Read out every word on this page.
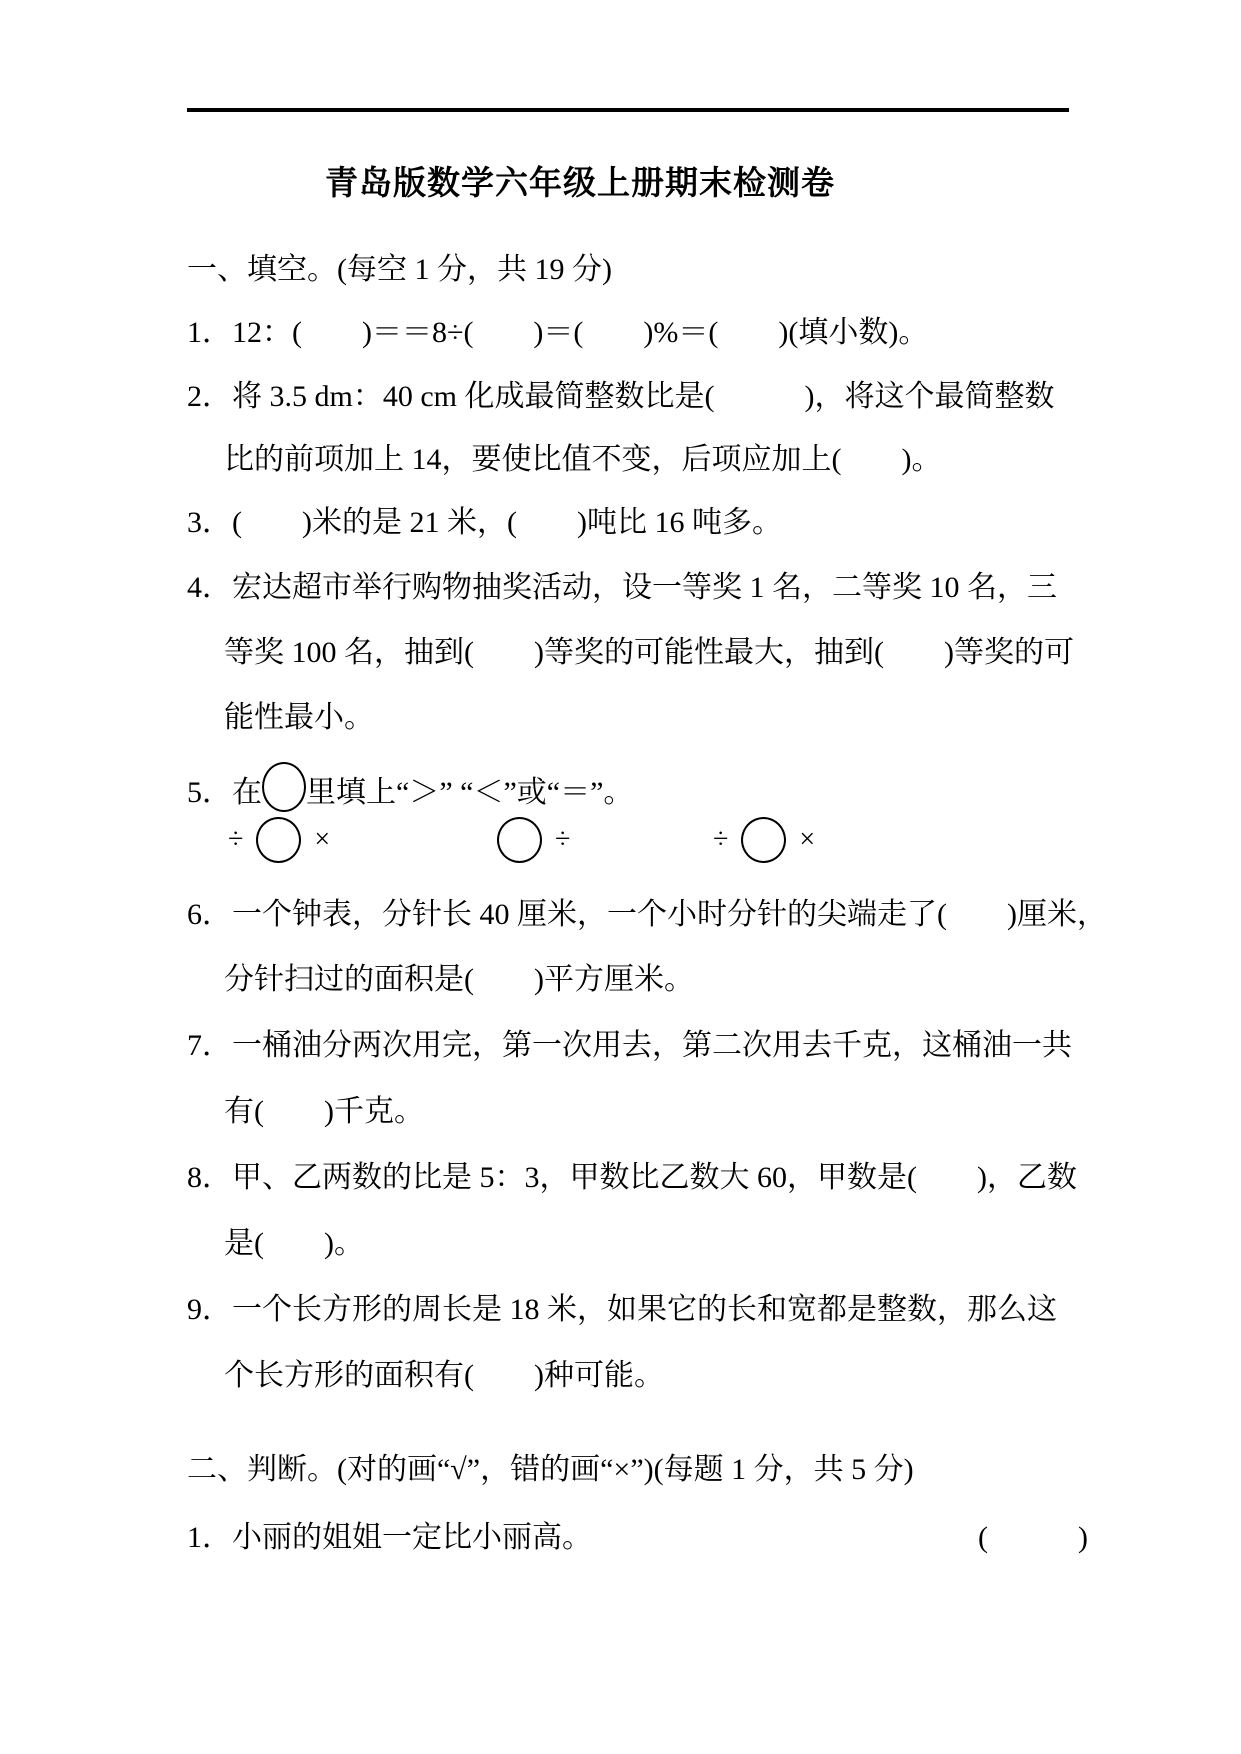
青岛版数学六年级上册期末检测卷
一、填空。(每空 1 分，共 19 分)
1．12：(　　)＝＝8÷(　　)＝(　　)%＝(　　)(填小数)。
2．将 3.5 dm：40 cm 化成最简整数比是(　　　)，将这个最简整数
比的前项加上 14，要使比值不变，后项应加上(　　)。
3．(　　)米的是 21 米，(　　)吨比 16 吨多。
4．宏达超市举行购物抽奖活动，设一等奖 1 名，二等奖 10 名，三
等奖 100 名，抽到(　　)等奖的可能性最大，抽到(　　)等奖的可
能性最小。
5．在 里填上“＞” “＜”或“＝”。
÷	×	÷	÷	×
6．一个钟表，分针长 40 厘米，一个小时分针的尖端走了(　　)厘米，
分针扫过的面积是(　　)平方厘米。
7．一桶油分两次用完，第一次用去，第二次用去千克，这桶油一共
有(　　)千克。
8．甲、乙两数的比是 5：3，甲数比乙数大 60，甲数是(　　)，乙数
是(　　)。
9．一个长方形的周长是 18 米，如果它的长和宽都是整数，那么这
个长方形的面积有(　　)种可能。
二、判断。(对的画“√”，错的画“×”)(每题 1 分，共 5 分)
1．小丽的姐姐一定比小丽高。	(　　　)
